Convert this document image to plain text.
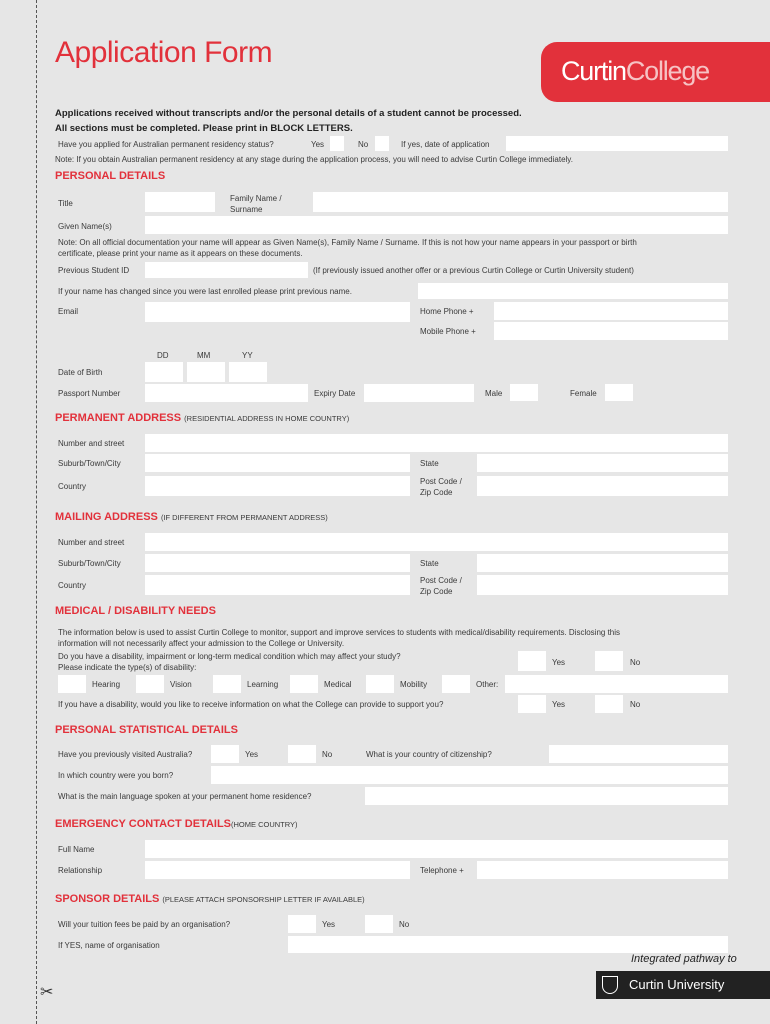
✂
Application Form
CurtinCollege
Applications received without transcripts and/or the personal details of a student cannot be processed.
All sections must be completed. Please print in BLOCK LETTERS.
Have you applied for Australian permanent residency status?	Yes	No	If yes, date of application
Note: If you obtain Australian permanent residency at any stage during the application process, you will need to advise Curtin College immediately.
PERSONAL DETAILS
Title
Family Name /
Surname
Given Name(s)
Note: On all official documentation your name will appear as Given Name(s), Family Name / Surname. If this is not how your name appears in your passport or birth
certificate, please print your name as it appears on these documents.
Previous Student ID	(If previously issued another offer or a previous Curtin College or Curtin University student)
If your name has changed since you were last enrolled please print previous name.
Email	Home Phone +
Mobile Phone +
DD	MM	YY
Date of Birth
Passport Number	Expiry Date	Male	Female
PERMANENT ADDRESS (RESIDENTIAL ADDRESS IN HOME COUNTRY)
Number and street
Suburb/Town/City	State
Country
Post Code /
Zip Code
MAILING ADDRESS (IF DIFFERENT FROM PERMANENT ADDRESS)
Number and street
Suburb/Town/City	State
Country
Post Code /
Zip Code
MEDICAL / DISABILITY NEEDS
The information below is used to assist Curtin College to monitor, support and improve services to students with medical/disability requirements. Disclosing this
information will not necessarily affect your admission to the College or University.
Do you have a disability, impairment or long-term medical condition which may affect your study?
Please indicate the type(s) of disability:
Yes	No
Hearing	Vision	Learning	Medical	Mobility	Other:
If you have a disability, would you like to receive information on what the College can provide to support you?	Yes	No
PERSONAL STATISTICAL DETAILS
Have you previously visited Australia?	Yes	No	What is your country of citizenship?
In which country were you born?
What is the main language spoken at your permanent home residence?
EMERGENCY CONTACT DETAILS(HOME COUNTRY)
Full Name
Relationship	Telephone +
SPONSOR DETAILS (PLEASE ATTACH SPONSORSHIP LETTER IF AVAILABLE)
Will your tuition fees be paid by an organisation?	Yes	No
If YES, name of organisation
Integrated pathway to
Curtin University
